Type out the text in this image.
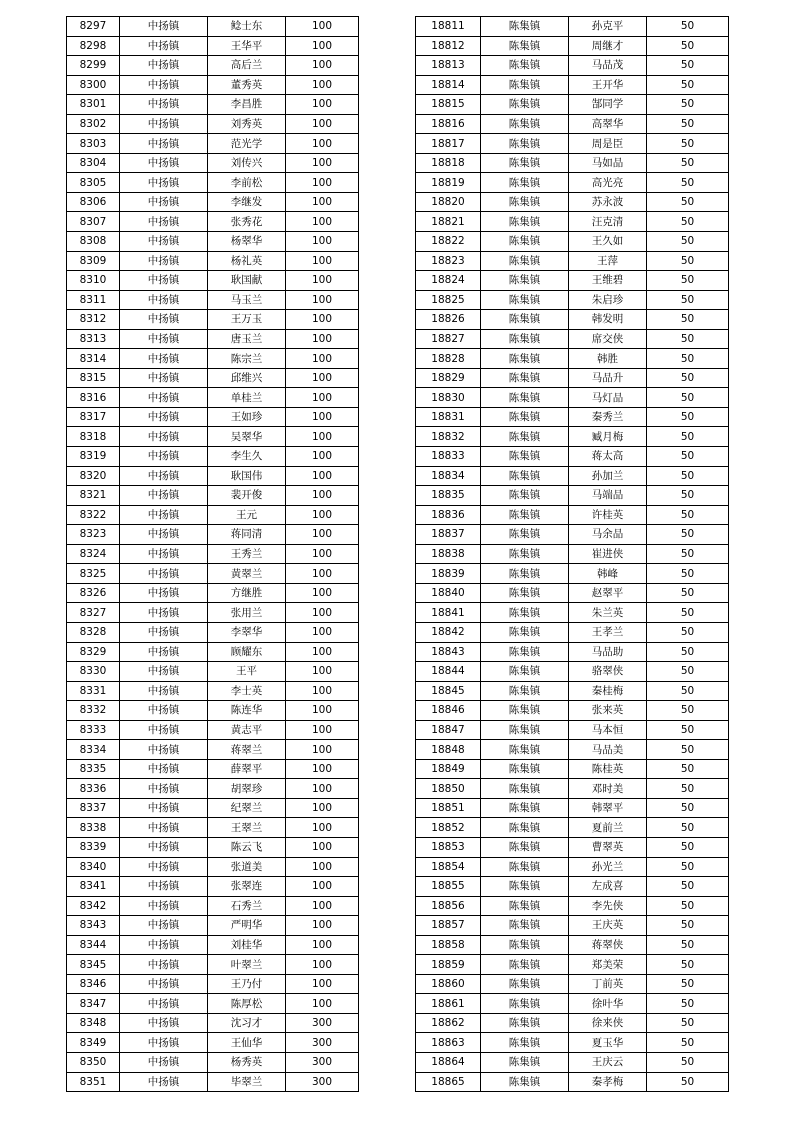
8297	中扬镇	鲶士东	100
8298	中扬镇	王华平	100
8299	中扬镇	高后兰	100
8300	中扬镇	董秀英	100
8301	中扬镇	李昌胜	100
8302	中扬镇	刘秀英	100
8303	中扬镇	范光学	100
8304	中扬镇	刘传兴	100
8305	中扬镇	李前松	100
8306	中扬镇	李继发	100
8307	中扬镇	张秀花	100
8308	中扬镇	杨翠华	100
8309	中扬镇	杨礼英	100
8310	中扬镇	耿国献	100
8311	中扬镇	马玉兰	100
8312	中扬镇	王万玉	100
8313	中扬镇	唐玉兰	100
8314	中扬镇	陈宗兰	100
8315	中扬镇	邱维兴	100
8316	中扬镇	单桂兰	100
8317	中扬镇	王如珍	100
8318	中扬镇	吴翠华	100
8319	中扬镇	李生久	100
8320	中扬镇	耿国伟	100
8321	中扬镇	裴开俊	100
8322	中扬镇	王元	100
8323	中扬镇	蒋同清	100
8324	中扬镇	王秀兰	100
8325	中扬镇	黄翠兰	100
8326	中扬镇	方继胜	100
8327	中扬镇	张用兰	100
8328	中扬镇	李翠华	100
8329	中扬镇	顾耀东	100
8330	中扬镇	王平	100
8331	中扬镇	李士英	100
8332	中扬镇	陈连华	100
8333	中扬镇	黄志平	100
8334	中扬镇	蒋翠兰	100
8335	中扬镇	薛翠平	100
8336	中扬镇	胡翠珍	100
8337	中扬镇	纪翠兰	100
8338	中扬镇	王翠兰	100
8339	中扬镇	陈云飞	100
8340	中扬镇	张道美	100
8341	中扬镇	张翠连	100
8342	中扬镇	石秀兰	100
8343	中扬镇	严明华	100
8344	中扬镇	刘桂华	100
8345	中扬镇	叶翠兰	100
8346	中扬镇	王乃付	100
8347	中扬镇	陈厚松	100
8348	中扬镇	沈习才	300
8349	中扬镇	王仙华	300
8350	中扬镇	杨秀英	300
8351	中扬镇	毕翠兰	300
18811	陈集镇	孙克平	50
18812	陈集镇	周继才	50
18813	陈集镇	马品茂	50
18814	陈集镇	王开华	50
18815	陈集镇	郜同学	50
18816	陈集镇	高翠华	50
18817	陈集镇	周是臣	50
18818	陈集镇	马如品	50
18819	陈集镇	高光亮	50
18820	陈集镇	苏永波	50
18821	陈集镇	汪克清	50
18822	陈集镇	王久如	50
18823	陈集镇	王萍	50
18824	陈集镇	王维碧	50
18825	陈集镇	朱启珍	50
18826	陈集镇	韩发明	50
18827	陈集镇	席交侠	50
18828	陈集镇	韩胜	50
18829	陈集镇	马品升	50
18830	陈集镇	马灯品	50
18831	陈集镇	秦秀兰	50
18832	陈集镇	臧月梅	50
18833	陈集镇	蒋太高	50
18834	陈集镇	孙加兰	50
18835	陈集镇	马端品	50
18836	陈集镇	许桂英	50
18837	陈集镇	马余品	50
18838	陈集镇	崔进侠	50
18839	陈集镇	韩峰	50
18840	陈集镇	赵翠平	50
18841	陈集镇	朱兰英	50
18842	陈集镇	王孝兰	50
18843	陈集镇	马品助	50
18844	陈集镇	骆翠侠	50
18845	陈集镇	秦桂梅	50
18846	陈集镇	张来英	50
18847	陈集镇	马本恒	50
18848	陈集镇	马品美	50
18849	陈集镇	陈桂英	50
18850	陈集镇	邓时美	50
18851	陈集镇	韩翠平	50
18852	陈集镇	夏前兰	50
18853	陈集镇	曹翠英	50
18854	陈集镇	孙光兰	50
18855	陈集镇	左成喜	50
18856	陈集镇	李先侠	50
18857	陈集镇	王庆英	50
18858	陈集镇	蒋翠侠	50
18859	陈集镇	郑美荣	50
18860	陈集镇	丁前英	50
18861	陈集镇	徐叶华	50
18862	陈集镇	徐来侠	50
18863	陈集镇	夏玉华	50
18864	陈集镇	王庆云	50
18865	陈集镇	秦孝梅	50
